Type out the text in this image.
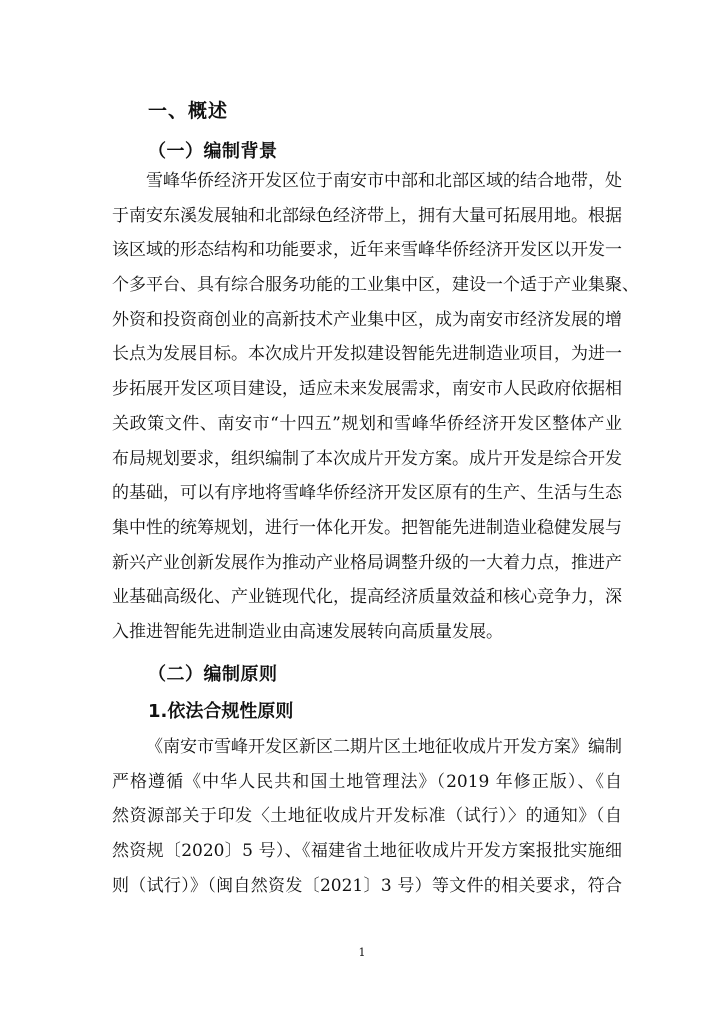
一、概述
（一）编制背景
雪峰华侨经济开发区位于南安市中部和北部区域的结合地带，处
于南安东溪发展轴和北部绿色经济带上，拥有大量可拓展用地。根据
该区域的形态结构和功能要求，近年来雪峰华侨经济开发区以开发一
个多平台、具有综合服务功能的工业集中区，建设一个适于产业集聚、
外资和投资商创业的高新技术产业集中区，成为南安市经济发展的增
长点为发展目标。本次成片开发拟建设智能先进制造业项目，为进一
步拓展开发区项目建设，适应未来发展需求，南安市人民政府依据相
关政策文件、南安市“十四五”规划和雪峰华侨经济开发区整体产业
布局规划要求，组织编制了本次成片开发方案。成片开发是综合开发
的基础，可以有序地将雪峰华侨经济开发区原有的生产、生活与生态
集中性的统筹规划，进行一体化开发。把智能先进制造业稳健发展与
新兴产业创新发展作为推动产业格局调整升级的一大着力点，推进产
业基础高级化、产业链现代化，提高经济质量效益和核心竞争力，深
入推进智能先进制造业由高速发展转向高质量发展。
（二）编制原则
1.依法合规性原则
《南安市雪峰开发区新区二期片区土地征收成片开发方案》编制
严格遵循《中华人民共和国土地管理法》（2019 年修正版）、《自
然资源部关于印发〈土地征收成片开发标准（试行）〉的通知》（自
然资规〔2020〕5 号）、《福建省土地征收成片开发方案报批实施细
则（试行）》（闽自然资发〔2021〕3 号）等文件的相关要求，符合
1
